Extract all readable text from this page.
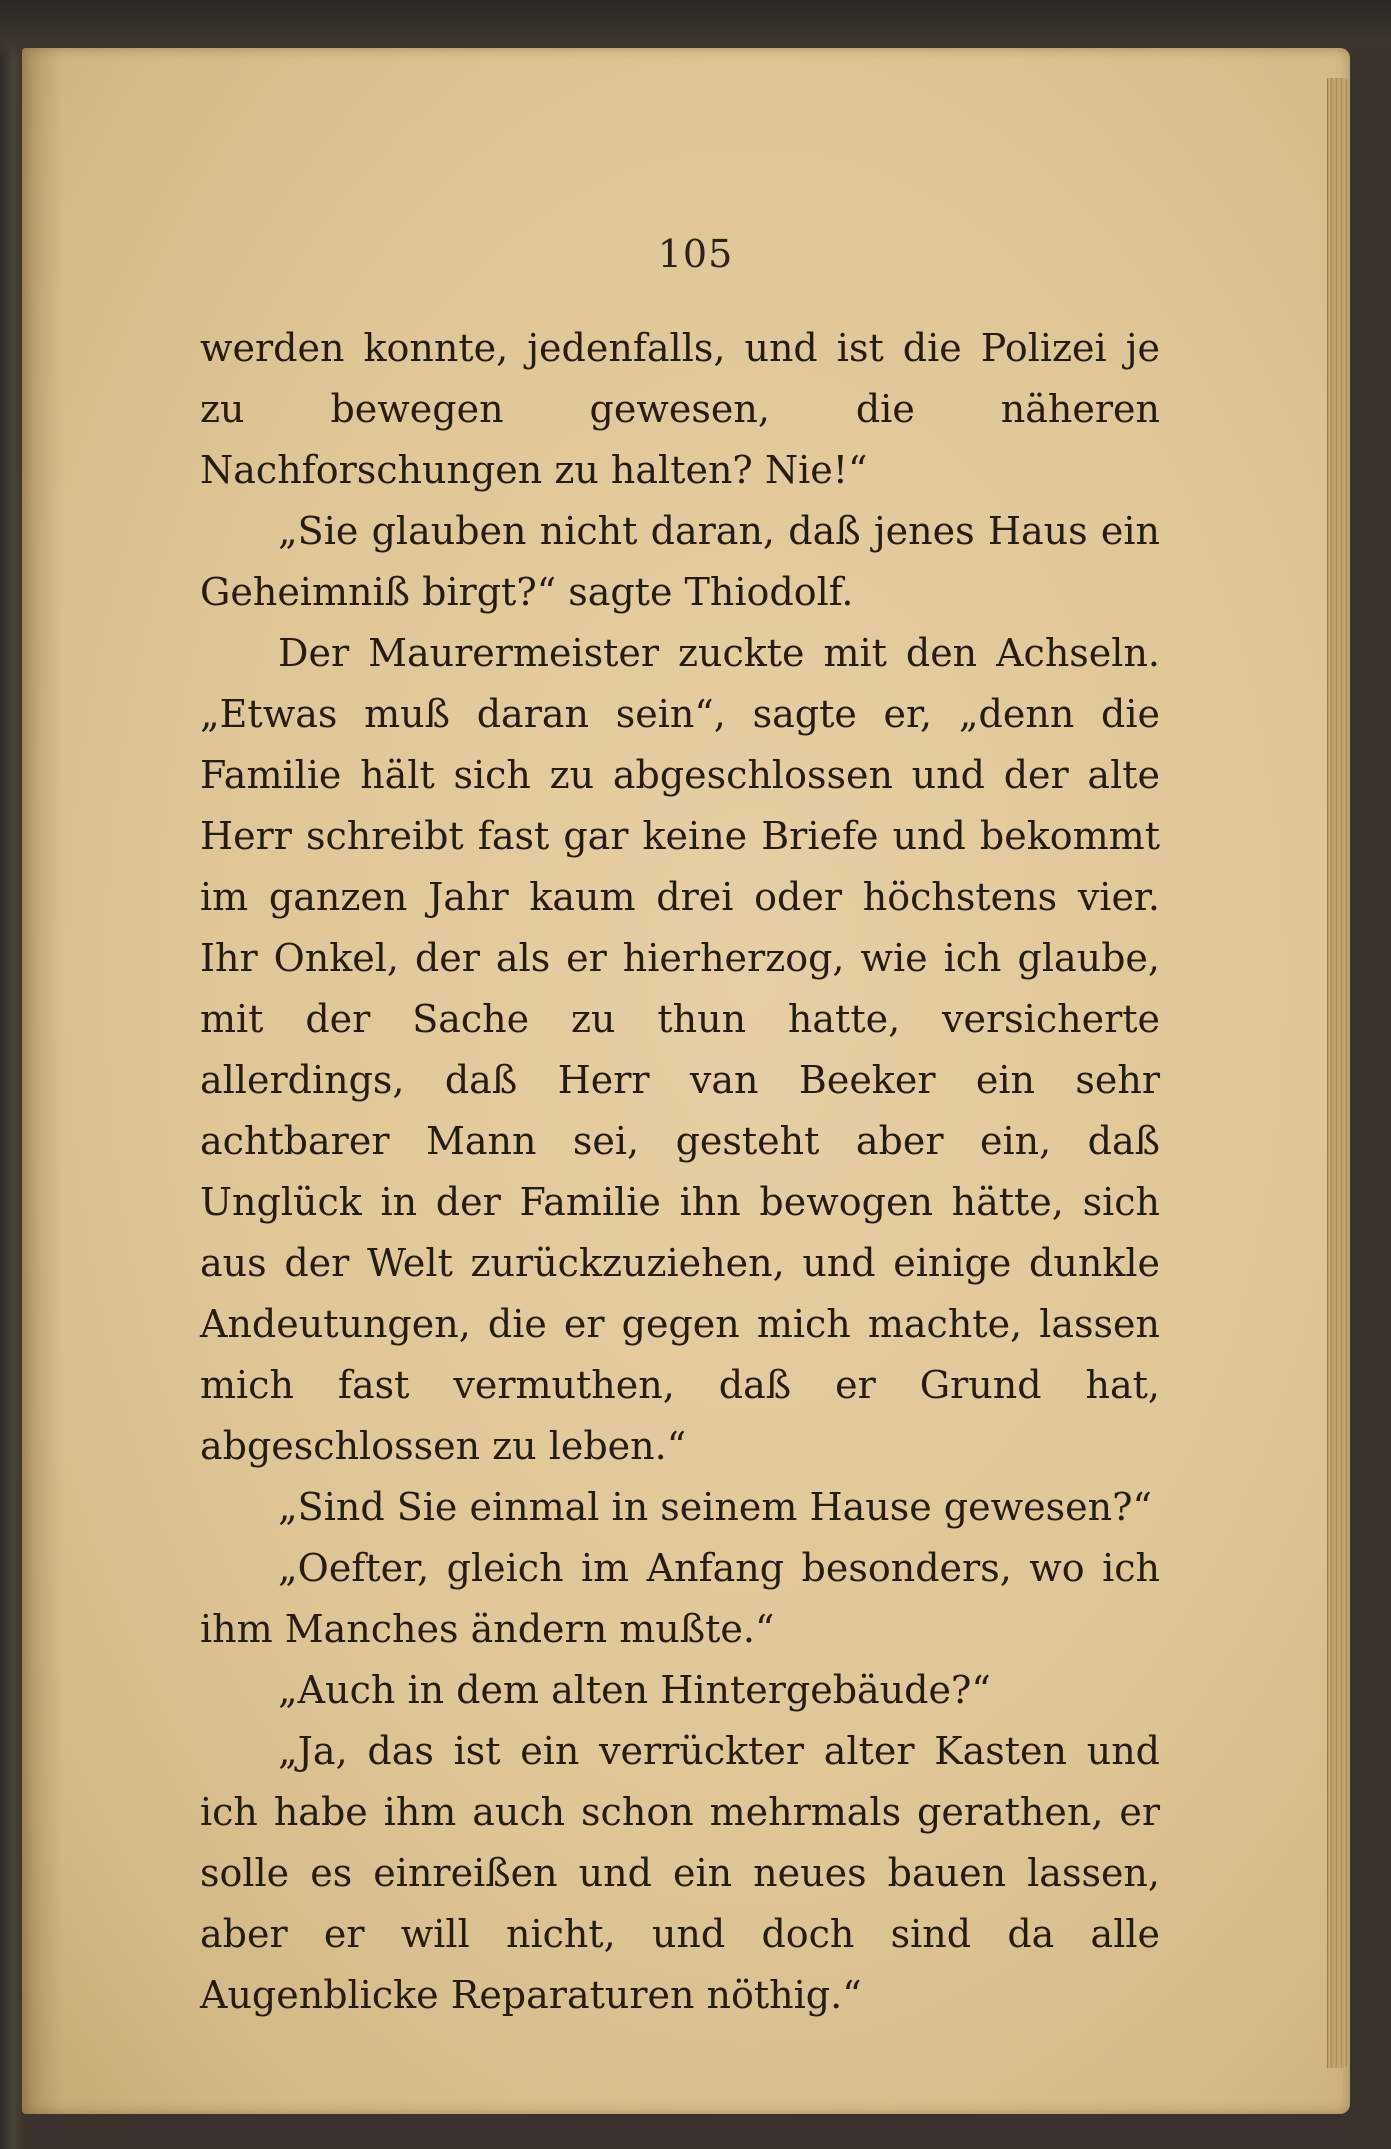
105

werden konnte, jedenfalls, und ist die Polizei je zu bewegen gewesen, die näheren Nachforschungen zu halten? Nie!“

„Sie glauben nicht daran, daß jenes Haus ein Geheimniß birgt?“ sagte Thiodolf.

Der Maurermeister zuckte mit den Achseln. „Etwas muß daran sein“, sagte er, „denn die Familie hält sich zu abgeschlossen und der alte Herr schreibt fast gar keine Briefe und bekommt im ganzen Jahr kaum drei oder höchstens vier. Ihr Onkel, der als er hierherzog, wie ich glaube, mit der Sache zu thun hatte, versicherte allerdings, daß Herr van Beeker ein sehr achtbarer Mann sei, gesteht aber ein, daß Unglück in der Familie ihn bewogen hätte, sich aus der Welt zurückzuziehen, und einige dunkle Andeutungen, die er gegen mich machte, lassen mich fast vermuthen, daß er Grund hat, abgeschlossen zu leben.“

„Sind Sie einmal in seinem Hause gewesen?“

„Oefter, gleich im Anfang besonders, wo ich ihm Manches ändern mußte.“

„Auch in dem alten Hintergebäude?“

„Ja, das ist ein verrückter alter Kasten und ich habe ihm auch schon mehrmals gerathen, er solle es einreißen und ein neues bauen lassen, aber er will nicht, und doch sind da alle Augenblicke Reparaturen nöthig.“
